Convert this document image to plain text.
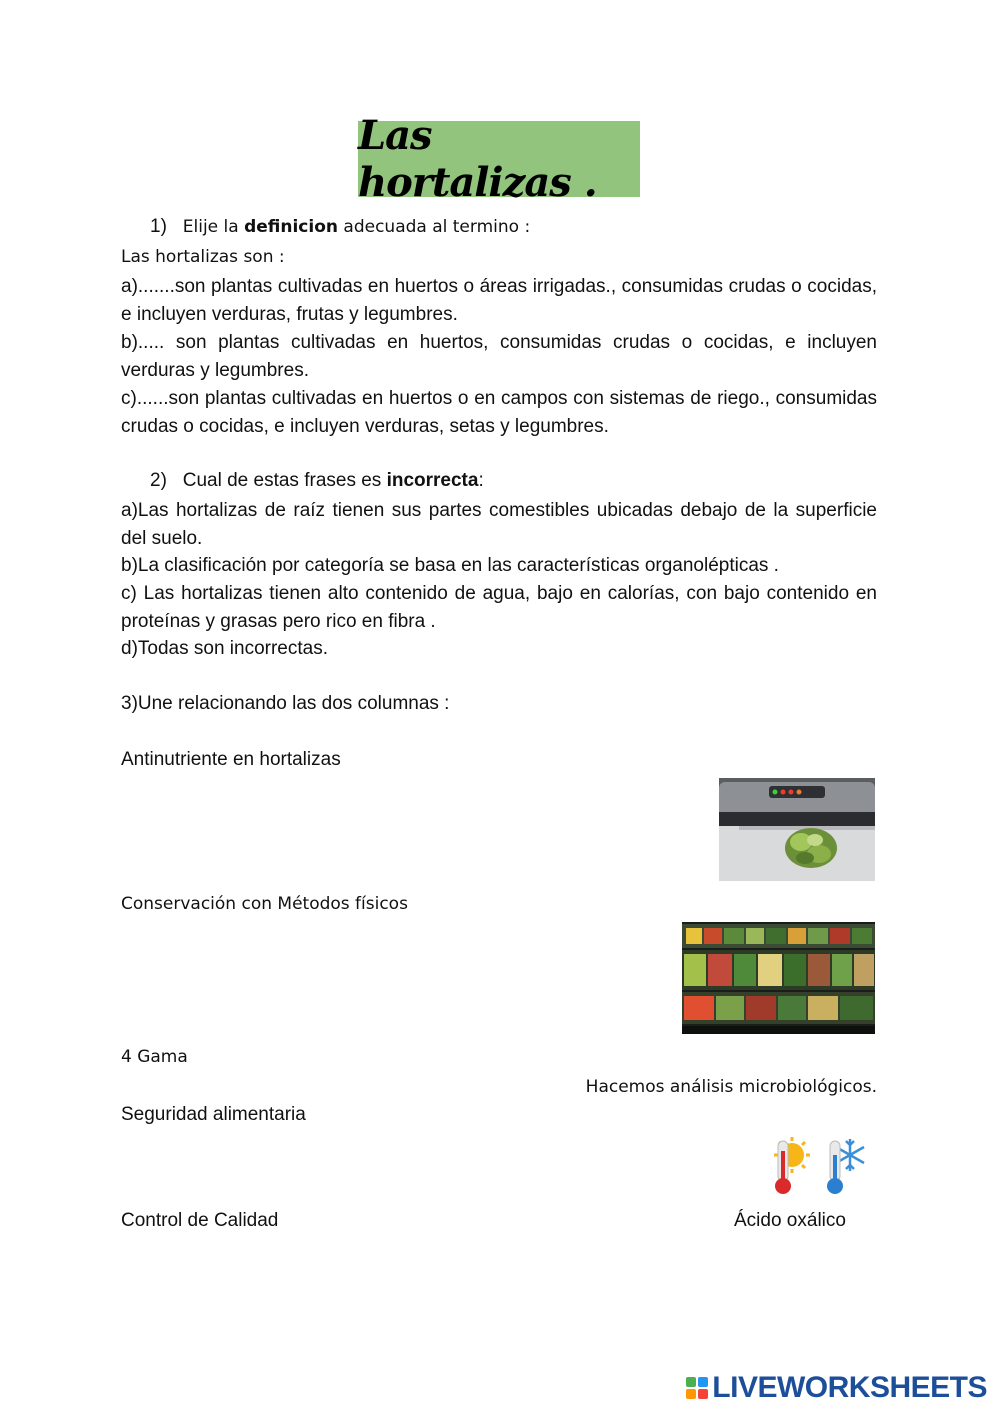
Las hortalizas .
1) Elije la definicion adecuada al termino :
Las hortalizas son :
a).......son plantas cultivadas en huertos o áreas irrigadas., consumidas crudas o cocidas, e incluyen verduras, frutas y legumbres.
b)..... son plantas cultivadas en huertos, consumidas crudas o cocidas, e incluyen verduras y legumbres.
c)......son plantas cultivadas en huertos o en campos con sistemas de riego., consumidas crudas o cocidas, e incluyen verduras, setas y legumbres.
2) Cual de estas frases es incorrecta:
a)Las hortalizas de raíz tienen sus partes comestibles ubicadas debajo de la superficie del suelo.
b)La clasificación por categoría se basa en las características organolépticas .
c) Las hortalizas tienen alto contenido de agua, bajo en calorías, con bajo contenido en proteínas y grasas pero rico en fibra .
d)Todas son incorrectas.
3)Une relacionando las dos columnas :
Antinutriente en hortalizas
Conservación con Métodos físicos
4 Gama
Seguridad alimentaria
Control de Calidad
Hacemos análisis microbiológicos.
Ácido oxálico
LIVEWORKSHEETS
